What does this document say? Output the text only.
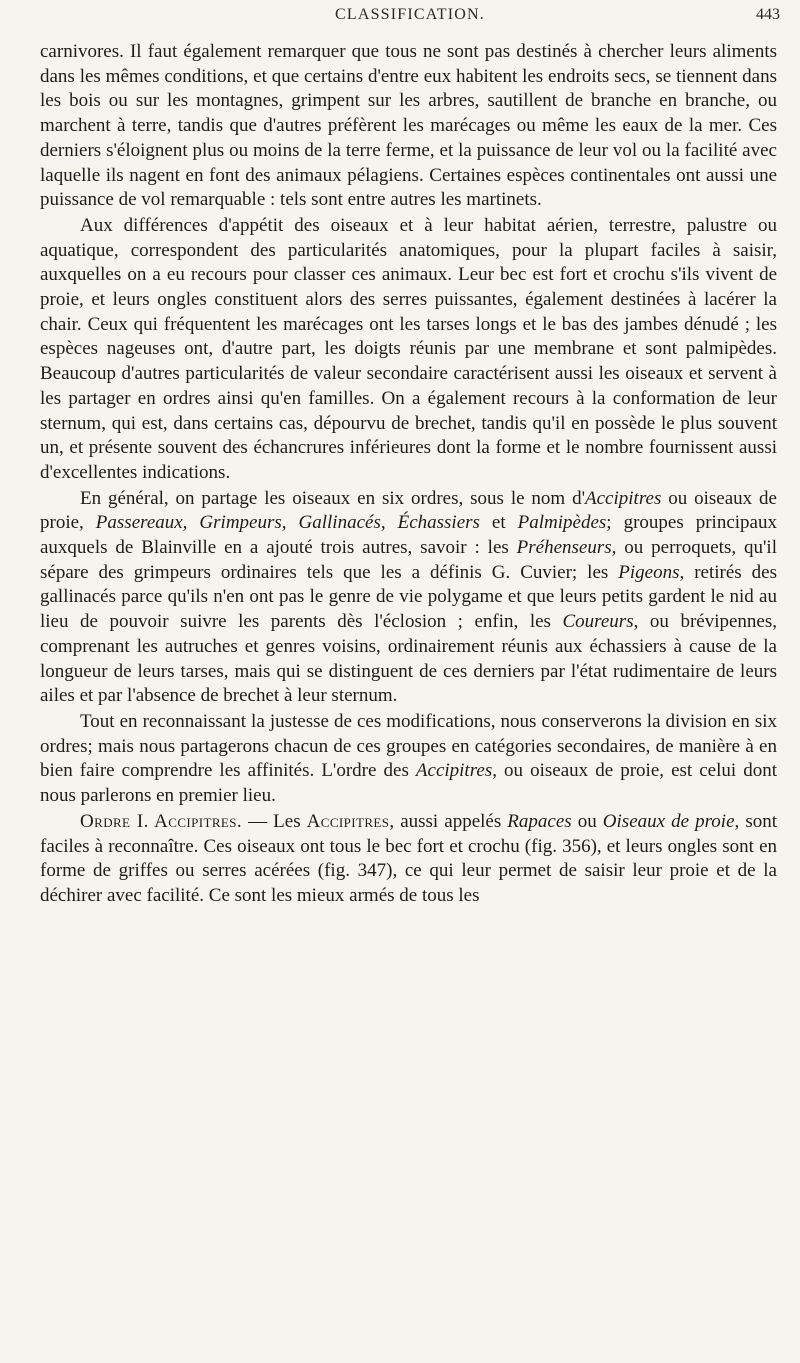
CLASSIFICATION.	443

carnivores. Il faut également remarquer que tous ne sont pas destinés à chercher leurs aliments dans les mêmes conditions, et que certains d'entre eux habitent les endroits secs, se tiennent dans les bois ou sur les montagnes, grimpent sur les arbres, sautillent de branche en branche, ou marchent à terre, tandis que d'autres préfèrent les marécages ou même les eaux de la mer. Ces derniers s'éloignent plus ou moins de la terre ferme, et la puissance de leur vol ou la facilité avec laquelle ils nagent en font des animaux pélagiens. Certaines espèces continentales ont aussi une puissance de vol remarquable : tels sont entre autres les martinets.

Aux différences d'appétit des oiseaux et à leur habitat aérien, terrestre, palustre ou aquatique, correspondent des particularités anatomiques, pour la plupart faciles à saisir, auxquelles on a eu recours pour classer ces animaux. Leur bec est fort et crochu s'ils vivent de proie, et leurs ongles constituent alors des serres puissantes, également destinées à lacérer la chair. Ceux qui fréquentent les marécages ont les tarses longs et le bas des jambes dénudé ; les espèces nageuses ont, d'autre part, les doigts réunis par une membrane et sont palmipèdes. Beaucoup d'autres particularités de valeur secondaire caractérisent aussi les oiseaux et servent à les partager en ordres ainsi qu'en familles. On a également recours à la conformation de leur sternum, qui est, dans certains cas, dépourvu de brechet, tandis qu'il en possède le plus souvent un, et présente souvent des échancrures inférieures dont la forme et le nombre fournissent aussi d'excellentes indications.

En général, on partage les oiseaux en six ordres, sous le nom d'Accipitres ou oiseaux de proie, Passereaux, Grimpeurs, Gallinacés, Échassiers et Palmipèdes; groupes principaux auxquels de Blainville en a ajouté trois autres, savoir : les Préhenseurs, ou perroquets, qu'il sépare des grimpeurs ordinaires tels que les a définis G. Cuvier; les Pigeons, retirés des gallinacés parce qu'ils n'en ont pas le genre de vie polygame et que leurs petits gardent le nid au lieu de pouvoir suivre les parents dès l'éclosion ; enfin, les Coureurs, ou brévipennes, comprenant les autruches et genres voisins, ordinairement réunis aux échassiers à cause de la longueur de leurs tarses, mais qui se distinguent de ces derniers par l'état rudimentaire de leurs ailes et par l'absence de brechet à leur sternum.

Tout en reconnaissant la justesse de ces modifications, nous conserverons la division en six ordres; mais nous partagerons chacun de ces groupes en catégories secondaires, de manière à en bien faire comprendre les affinités. L'ordre des Accipitres, ou oiseaux de proie, est celui dont nous parlerons en premier lieu.

Ordre I. Accipitres. — Les Accipitres, aussi appelés Rapaces ou Oiseaux de proie, sont faciles à reconnaître. Ces oiseaux ont tous le bec fort et crochu (fig. 356), et leurs ongles sont en forme de griffes ou serres acérées (fig. 347), ce qui leur permet de saisir leur proie et de la déchirer avec facilité. Ce sont les mieux armés de tous les
